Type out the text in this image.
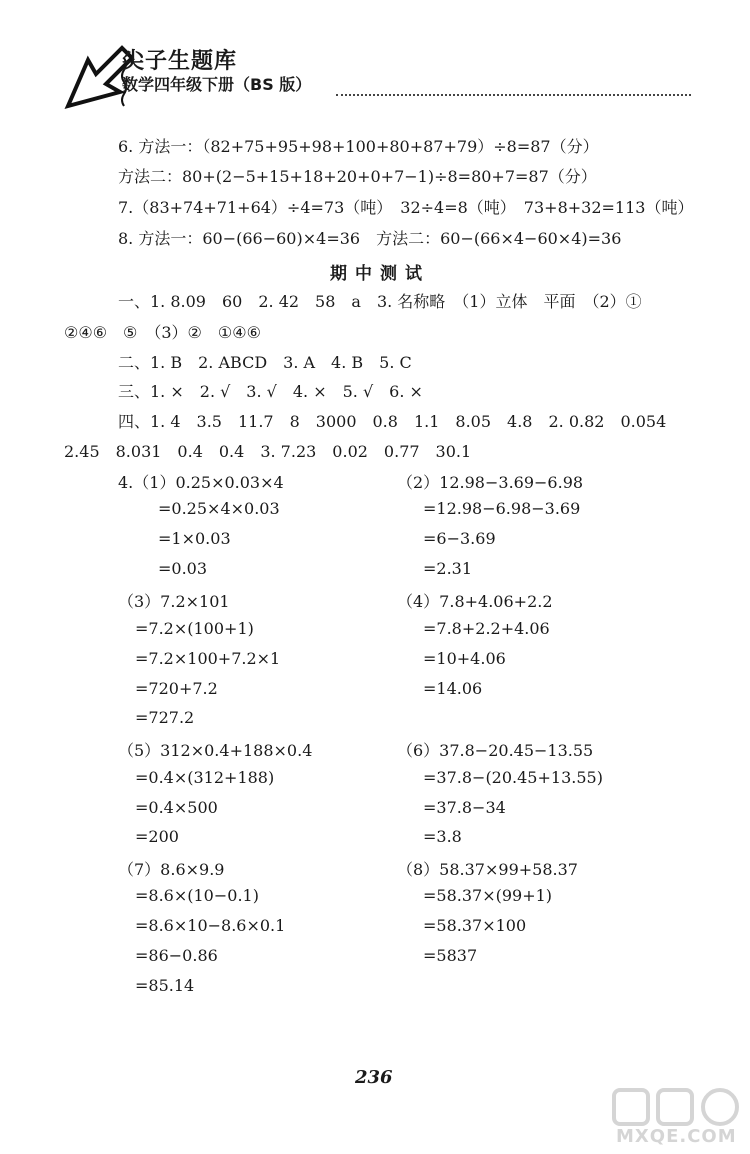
尖子生题库
数学四年级下册（BS 版）
6. 方法一：（82+75+95+98+100+80+87+79）÷8=87（分）
方法二：80+(2−5+15+18+20+0+7−1)÷8=80+7=87（分）
7.（83+74+71+64）÷4=73（吨）　32÷4=8（吨）　73+8+32=113（吨）
8. 方法一：60−(66−60)×4=36　方法二：60−(66×4−60×4)=36
期中测试
一、1. 8.09　60　2. 42　58　a　3. 名称略　（1）立体　平面　（2）①
②④⑥　⑤　（3）②　①④⑥
二、1. B　2. ABCD　3. A　4. B　5. C
三、1. ×　2. √　3. √　4. ×　5. √　6. ×
四、1. 4　3.5　11.7　8　3000　0.8　1.1　8.05　4.8　2. 0.82　0.054
2.45　8.031　0.4　0.4　3. 7.23　0.02　0.77　30.1
4.（1）0.25×0.03×4
=0.25×4×0.03
=1×0.03
=0.03
（3）7.2×101
=7.2×(100+1)
=7.2×100+7.2×1
=720+7.2
=727.2
（5）312×0.4+188×0.4
=0.4×(312+188)
=0.4×500
=200
（7）8.6×9.9
=8.6×(10−0.1)
=8.6×10−8.6×0.1
=86−0.86
=85.14
（2）12.98−3.69−6.98
=12.98−6.98−3.69
=6−3.69
=2.31
（4）7.8+4.06+2.2
=7.8+2.2+4.06
=10+4.06
=14.06
（6）37.8−20.45−13.55
=37.8−(20.45+13.55)
=37.8−34
=3.8
（8）58.37×99+58.37
=58.37×(99+1)
=58.37×100
=5837
236
MXQE.COM
